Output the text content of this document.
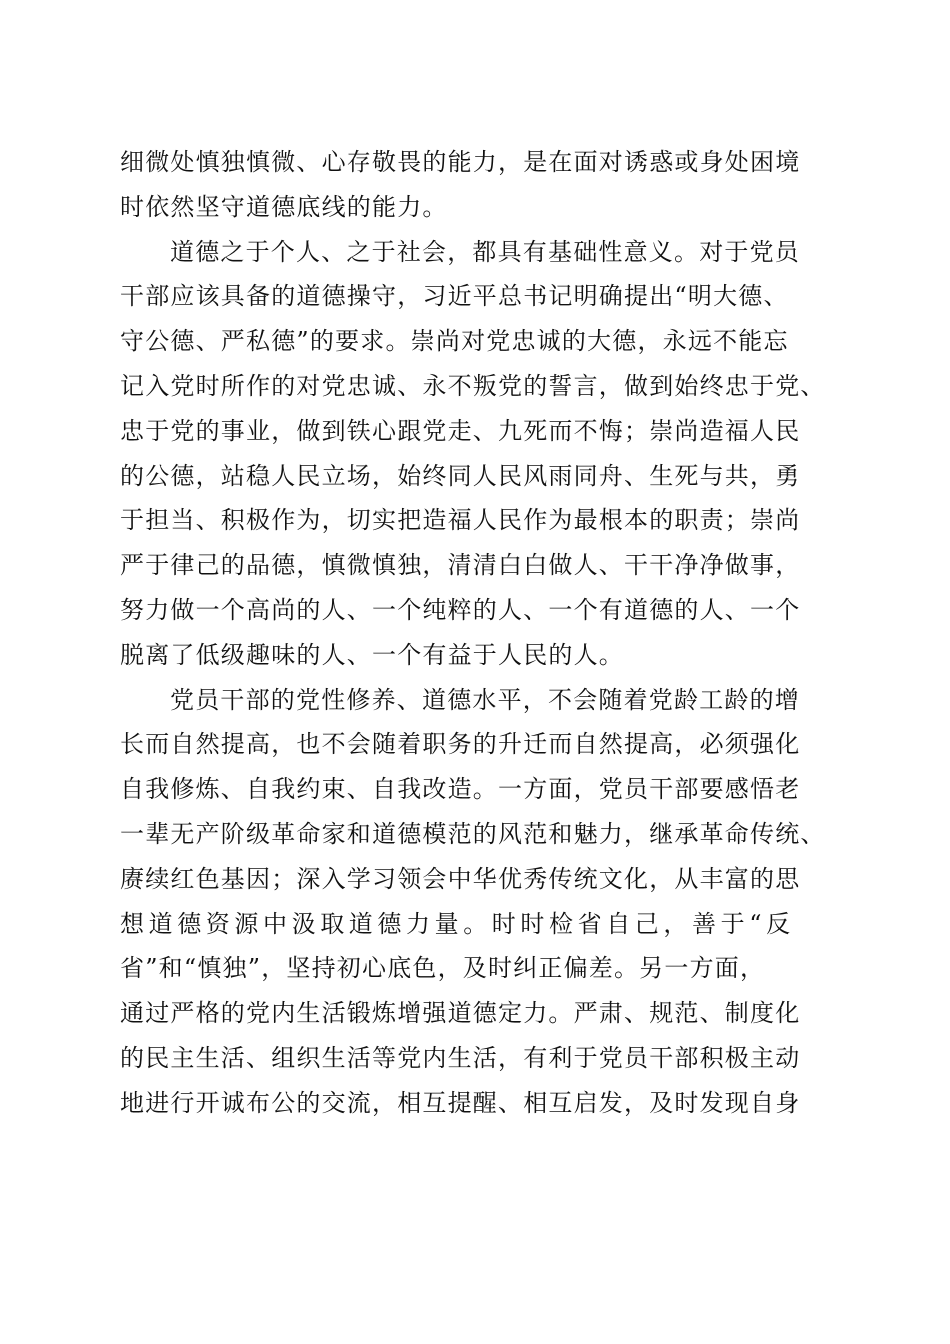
细微处慎独慎微、心存敬畏的能力，是在面对诱惑或身处困境
时依然坚守道德底线的能力。
道德之于个人、之于社会，都具有基础性意义。对于党员
干部应该具备的道德操守，习近平总书记明确提出“明大德、
守公德、严私德”的要求。崇尚对党忠诚的大德，永远不能忘
记入党时所作的对党忠诚、永不叛党的誓言，做到始终忠于党、
忠于党的事业，做到铁心跟党走、九死而不悔；崇尚造福人民
的公德，站稳人民立场，始终同人民风雨同舟、生死与共，勇
于担当、积极作为，切实把造福人民作为最根本的职责；崇尚
严于律己的品德，慎微慎独，清清白白做人、干干净净做事，
努力做一个高尚的人、一个纯粹的人、一个有道德的人、一个
脱离了低级趣味的人、一个有益于人民的人。
党员干部的党性修养、道德水平，不会随着党龄工龄的增
长而自然提高，也不会随着职务的升迁而自然提高，必须强化
自我修炼、自我约束、自我改造。一方面，党员干部要感悟老
一辈无产阶级革命家和道德模范的风范和魅力，继承革命传统、
赓续红色基因；深入学习领会中华优秀传统文化，从丰富的思
想道德资源中汲取道德力量。时时检省自己，善于“反
省”和“慎独”，坚持初心底色，及时纠正偏差。另一方面，
通过严格的党内生活锻炼增强道德定力。严肃、规范、制度化
的民主生活、组织生活等党内生活，有利于党员干部积极主动
地进行开诚布公的交流，相互提醒、相互启发，及时发现自身
